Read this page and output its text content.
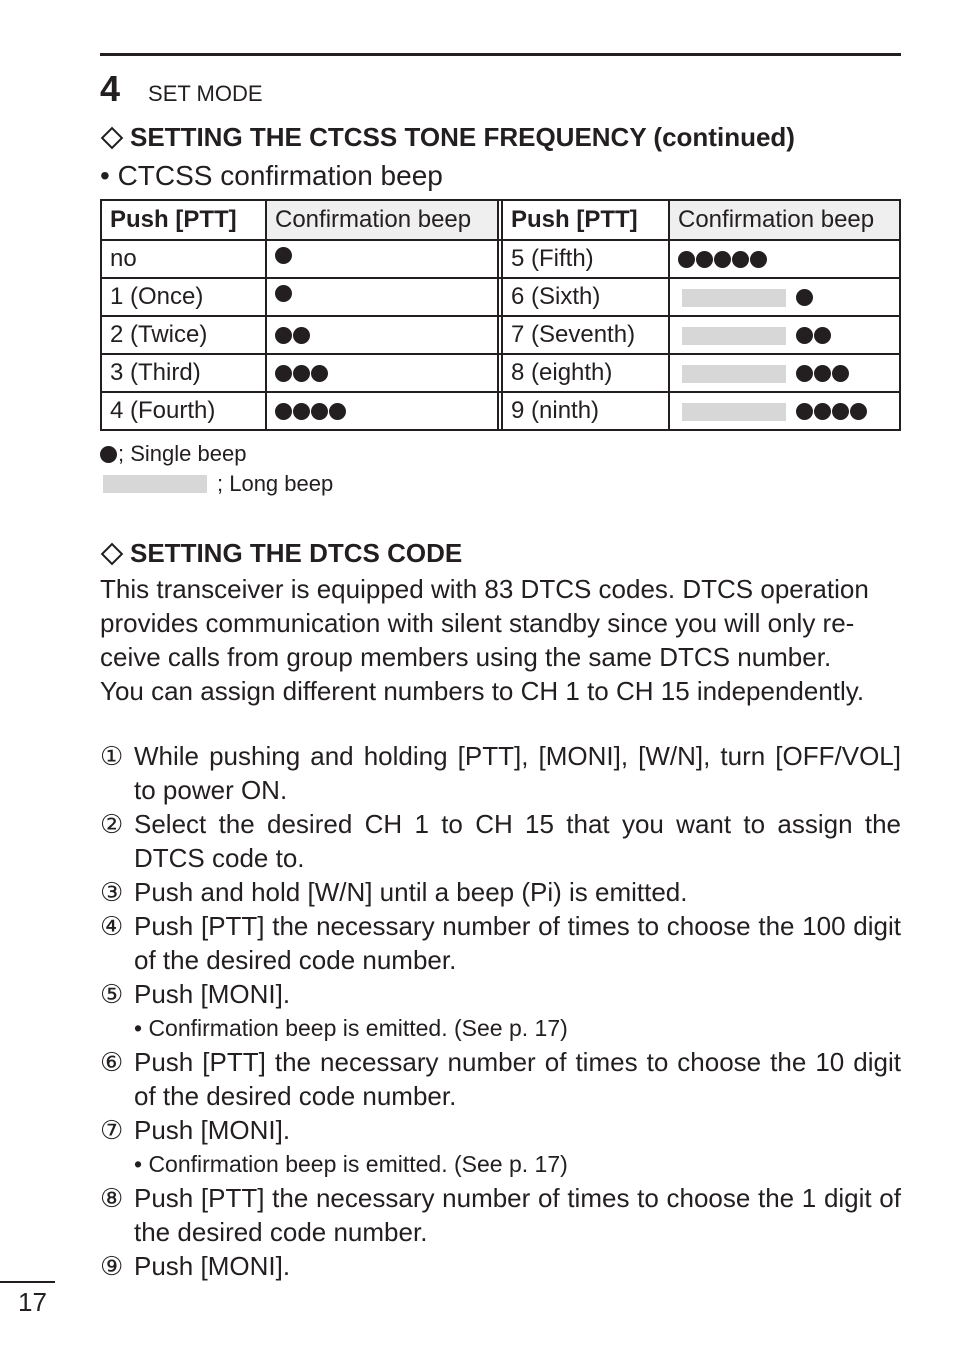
4 SET MODE
SETTING THE CTCSS TONE FREQUENCY (continued)
• CTCSS confirmation beep
Push [PTT]	Confirmation beep		Push [PTT]	Confirmation beep
no			5 (Fifth)	
1 (Once)			6 (Sixth)	
2 (Twice)			7 (Seventh)	
3 (Third)			8 (eighth)	
4 (Fourth)			9 (ninth)	
; Single beep
; Long beep
SETTING THE DTCS CODE
This transceiver is equipped with 83 DTCS codes. DTCS operation
provides communication with silent standby since you will only re-
ceive calls from group members using the same DTCS number.
You can assign different numbers to CH 1 to CH 15 independently.
① While pushing and holding [PTT], [MONI], [W/N], turn [OFF/VOL] to power ON.
② Select the desired CH 1 to CH 15 that you want to assign the DTCS code to.
③ Push and hold [W/N] until a beep (Pi) is emitted.
④ Push [PTT] the necessary number of times to choose the 100 digit of the desired code number.
⑤ Push [MONI].
• Confirmation beep is emitted. (See p. 17)
⑥ Push [PTT] the necessary number of times to choose the 10 digit of the desired code number.
⑦ Push [MONI].
• Confirmation beep is emitted. (See p. 17)
⑧ Push [PTT] the necessary number of times to choose the 1 digit of the desired code number.
⑨ Push [MONI].
17
